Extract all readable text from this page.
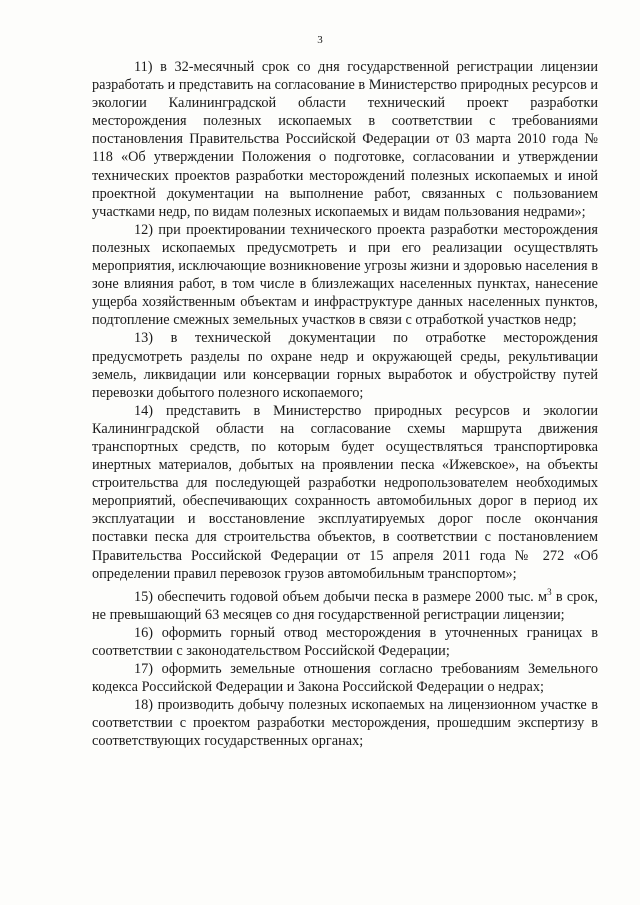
3

11) в 32-месячный срок со дня государственной регистрации лицензии разработать и представить на согласование в Министерство природных ресурсов и экологии Калининградской области технический проект разработки месторождения полезных ископаемых в соответствии с требованиями постановления Правительства Российской Федерации от 03 марта 2010 года № 118 «Об утверждении Положения о подготовке, согласовании и утверждении технических проектов разработки месторождений полезных ископаемых и иной проектной документации на выполнение работ, связанных с пользованием участками недр, по видам полезных ископаемых и видам пользования недрами»;

12) при проектировании технического проекта разработки месторождения полезных ископаемых предусмотреть и при его реализации осуществлять мероприятия, исключающие возникновение угрозы жизни и здоровью населения в зоне влияния работ, в том числе в близлежащих населенных пунктах, нанесение ущерба хозяйственным объектам и инфраструктуре данных населенных пунктов, подтопление смежных земельных участков в связи с отработкой участков недр;

13) в технической документации по отработке месторождения предусмотреть разделы по охране недр и окружающей среды, рекультивации земель, ликвидации или консервации горных выработок и обустройству путей перевозки добытого полезного ископаемого;

14) представить в Министерство природных ресурсов и экологии Калининградской области на согласование схемы маршрута движения транспортных средств, по которым будет осуществляться транспортировка инертных материалов, добытых на проявлении песка «Ижевское», на объекты строительства для последующей разработки недропользователем необходимых мероприятий, обеспечивающих сохранность автомобильных дорог в период их эксплуатации и восстановление эксплуатируемых дорог после окончания поставки песка для строительства объектов, в соответствии с постановлением Правительства Российской Федерации от 15 апреля 2011 года № 272 «Об определении правил перевозок грузов автомобильным транспортом»;

15) обеспечить годовой объем добычи песка в размере 2000 тыс. $м^3$ в срок, не превышающий 63 месяцев со дня государственной регистрации лицензии;

16) оформить горный отвод месторождения в уточненных границах в соответствии с законодательством Российской Федерации;

17) оформить земельные отношения согласно требованиям Земельного кодекса Российской Федерации и Закона Российской Федерации о недрах;

18) производить добычу полезных ископаемых на лицензионном участке в соответствии с проектом разработки месторождения, прошедшим экспертизу в соответствующих государственных органах;
